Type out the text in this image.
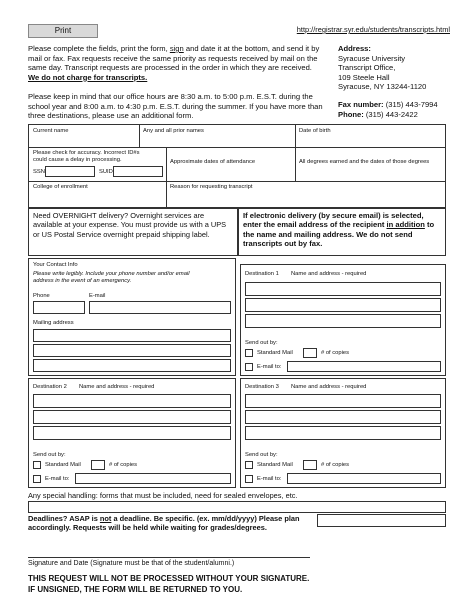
Print	http://registrar.syr.edu/students/transcripts.html
Please complete the fields, print the form, sign and date it at the bottom, and send it by mail or fax. Fax requests receive the same priority as requests received by mail on the same day. Transcript requests are processed in the order in which they are received.
We do not charge for transcripts.
Please keep in mind that our office hours are 8:30 a.m. to 5:00 p.m. E.S.T. during the school year and 8:00 a.m. to 4:30 p.m. E.S.T. during the summer. If you have more than three destinations, please use an additional form.
Address:
Syracuse University
Transcript Office,
109 Steele Hall
Syracuse, NY 13244-1120
Fax number: (315) 443-7994
Phone: (315) 443-2422
Current name	Any and all prior names	Date of birth
Please check for accuracy. Incorrect ID#s
could cause a delay in processing.
SSN	SUID
Approximate dates of attendance	All degrees earned and the dates of those degrees
College of enrollment	Reason for requesting transcript
Need OVERNIGHT delivery? Overnight services are available at your expense. You must provide us with a UPS or US Postal Service overnight prepaid shipping label.
If electronic delivery (by secure email) is selected, enter the email address of the recipient in addition to the name and mailing address. We do not send transcripts out by fax.
Your Contact Info
Please write legibly. Include your phone number and/or email
address in the event of an emergency.
Phone	E-mail
Mailing address
Destination 1 Name and address - required
Send out by:
Standard Mail	# of copies
E-mail to:
Destination 2 Name and address - required
Send out by:
Standard Mail	# of copies
E-mail to:
Destination 3 Name and address - required
Send out by:
Standard Mail	# of copies
E-mail to:
Any special handling: forms that must be included, need for sealed envelopes, etc.
Deadlines? ASAP is not a deadline. Be specific. (ex. mm/dd/yyyy) Please plan accordingly. Requests will be held while waiting for grades/degrees.
Signature and Date (Signature must be that of the student/alumni.)
THIS REQUEST WILL NOT BE PROCESSED WITHOUT YOUR SIGNATURE.
IF UNSIGNED, THE FORM WILL BE RETURNED TO YOU.
